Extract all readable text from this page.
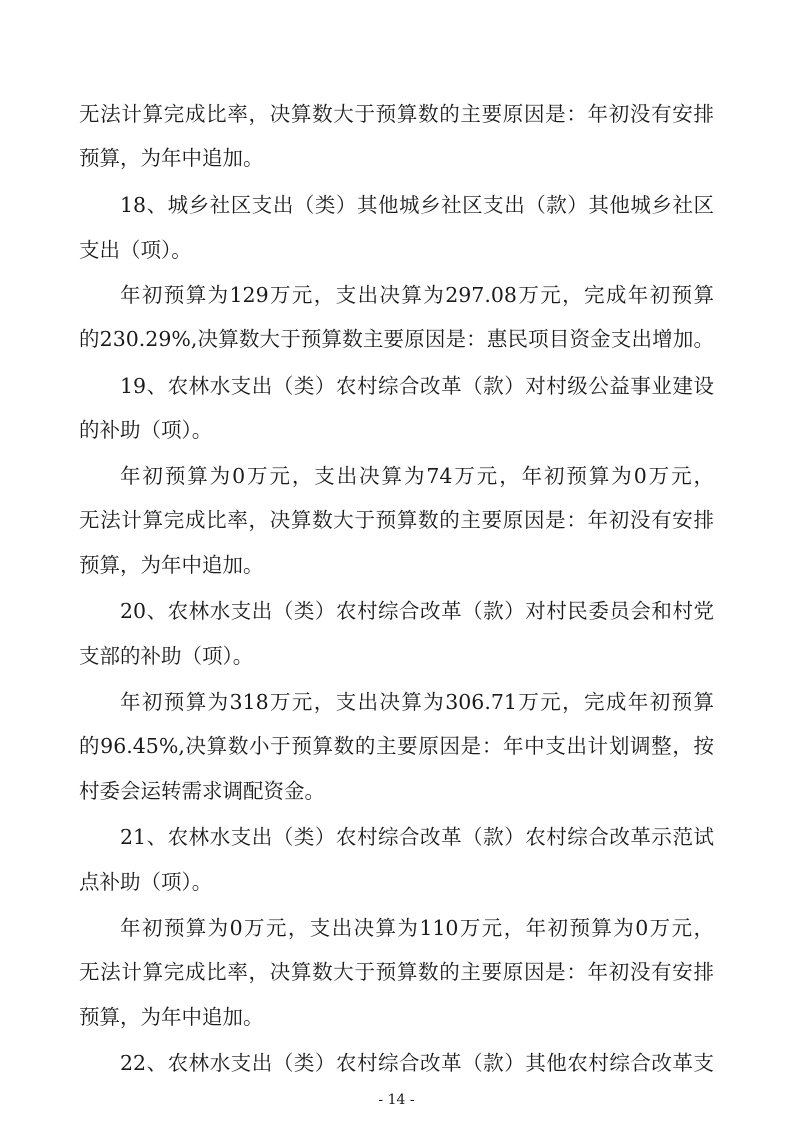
无法计算完成比率，决算数大于预算数的主要原因是：年初没有安排
预算，为年中追加。
18、城乡社区支出（类）其他城乡社区支出（款）其他城乡社区
支出（项）。
年初预算为129万元，支出决算为297.08万元，完成年初预算
的230.29%,决算数大于预算数主要原因是：惠民项目资金支出增加。
19、农林水支出（类）农村综合改革（款）对村级公益事业建设
的补助（项）。
年初预算为0万元，支出决算为74万元，年初预算为0万元，
无法计算完成比率，决算数大于预算数的主要原因是：年初没有安排
预算，为年中追加。
20、农林水支出（类）农村综合改革（款）对村民委员会和村党
支部的补助（项）。
年初预算为318万元，支出决算为306.71万元，完成年初预算
的96.45%,决算数小于预算数的主要原因是：年中支出计划调整，按
村委会运转需求调配资金。
21、农林水支出（类）农村综合改革（款）农村综合改革示范试
点补助（项）。
年初预算为0万元，支出决算为110万元，年初预算为0万元，
无法计算完成比率，决算数大于预算数的主要原因是：年初没有安排
预算，为年中追加。
22、农林水支出（类）农村综合改革（款）其他农村综合改革支
- 14 -
